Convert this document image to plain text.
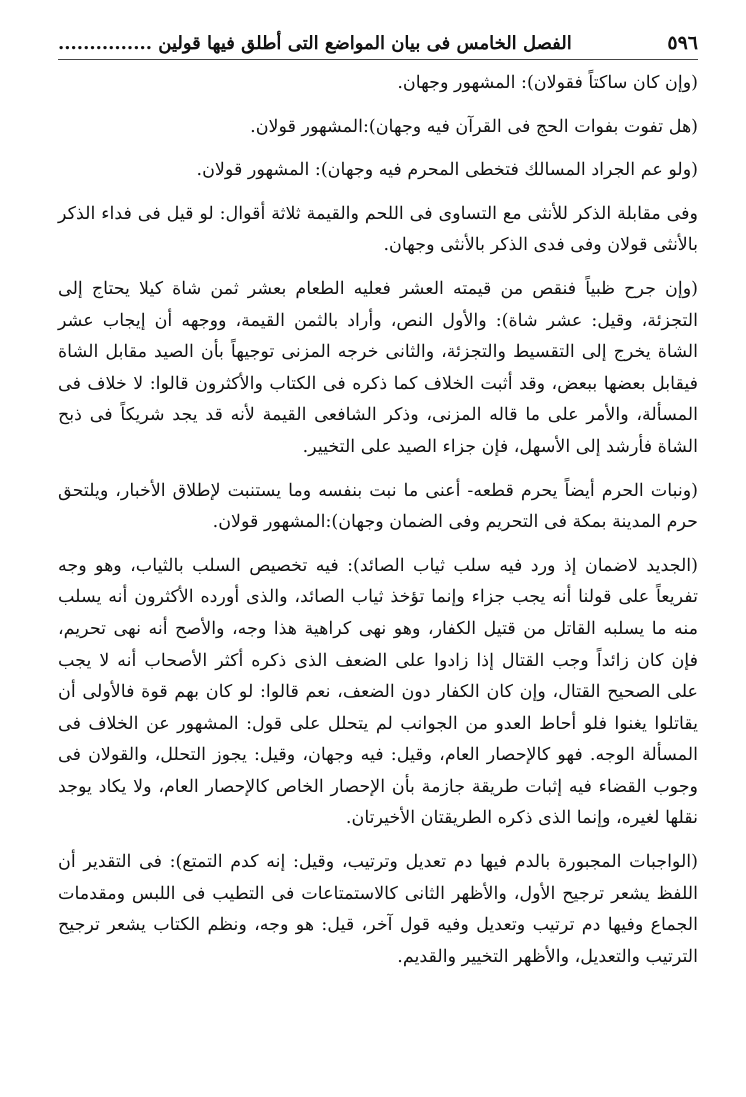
٥٩٦
الفصل الخامس فى بيان المواضع التى أطلق فيها قولين ...............

(وإن كان ساكتاً فقولان): المشهور وجهان.

(هل تفوت بفوات الحج فى القرآن فيه وجهان):المشهور قولان.

(ولو عم الجراد المسالك فتخطى المحرم فيه وجهان): المشهور قولان.

وفى مقابلة الذكر للأنثى مع التساوى فى اللحم والقيمة ثلاثة أقوال: لو قيل فى فداء الذكر بالأنثى قولان وفى فدى الذكر بالأنثى وجهان.

(وإن جرح ظبياً فنقص من قيمته العشر فعليه الطعام بعشر ثمن شاة كيلا يحتاج إلى التجزئة، وقيل: عشر شاة): والأول النص، وأراد بالثمن القيمة، ووجهه أن إيجاب عشر الشاة يخرج إلى التقسيط والتجزئة، والثانى خرجه المزنى توجيهاً بأن الصيد مقابل الشاة فيقابل بعضها ببعض، وقد أثبت الخلاف كما ذكره فى الكتاب والأكثرون قالوا: لا خلاف فى المسألة، والأمر على ما قاله المزنى، وذكر الشافعى القيمة لأنه قد يجد شريكاً فى ذبح الشاة فأرشد إلى الأسهل، فإن جزاء الصيد على التخيير.

(ونبات الحرم أيضاً يحرم قطعه- أعنى ما نبت بنفسه وما يستنبت لإطلاق الأخبار، ويلتحق حرم المدينة بمكة فى التحريم وفى الضمان وجهان):المشهور قولان.

(الجديد لاضمان إذ ورد فيه سلب ثياب الصائد): فيه تخصيص السلب بالثياب، وهو وجه تفريعاً على قولنا أنه يجب جزاء وإنما تؤخذ ثياب الصائد، والذى أورده الأكثرون أنه يسلب منه ما يسلبه القاتل من قتيل الكفار، وهو نهى كراهية هذا وجه، والأصح أنه نهى تحريم، فإن كان زائداً وجب القتال إذا زادوا على الضعف الذى ذكره أكثر الأصحاب أنه لا يجب على الصحيح القتال، وإن كان الكفار دون الضعف، نعم قالوا: لو كان بهم قوة فالأولى أن يقاتلوا يغنوا فلو أحاط العدو من الجوانب لم يتحلل على قول: المشهور عن الخلاف فى المسألة الوجه. فهو كالإحصار العام، وقيل: فيه وجهان، وقيل: يجوز التحلل، والقولان فى وجوب القضاء فيه إثبات طريقة جازمة بأن الإحصار الخاص كالإحصار العام، ولا يكاد يوجد نقلها لغيره، وإنما الذى ذكره الطريقتان الأخيرتان.

(الواجبات المجبورة بالدم فيها دم تعديل وترتيب، وقيل: إنه كدم التمتع): فى التقدير أن اللفظ يشعر ترجيح الأول، والأظهر الثانى كالاستمتاعات فى التطيب فى اللبس ومقدمات الجماع وفيها دم ترتيب وتعديل وفيه قول آخر، قيل: هو وجه، ونظم الكتاب يشعر ترجيح الترتيب والتعديل، والأظهر التخيير والقديم.
